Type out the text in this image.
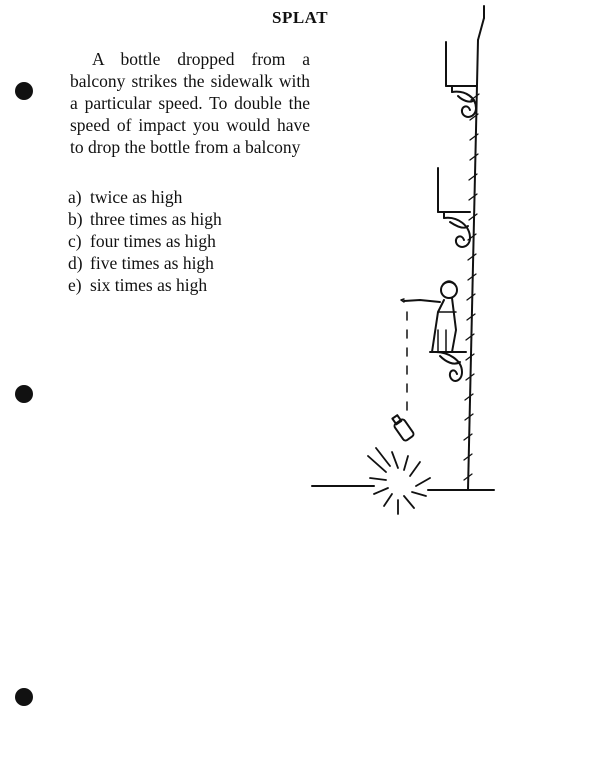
SPLAT
A bottle dropped from a balcony strikes the sidewalk with a particular speed. To double the speed of impact you would have to drop the bottle from a balcony
a) twice as high
b) three times as high
c) four times as high
d) five times as high
e) six times as high
